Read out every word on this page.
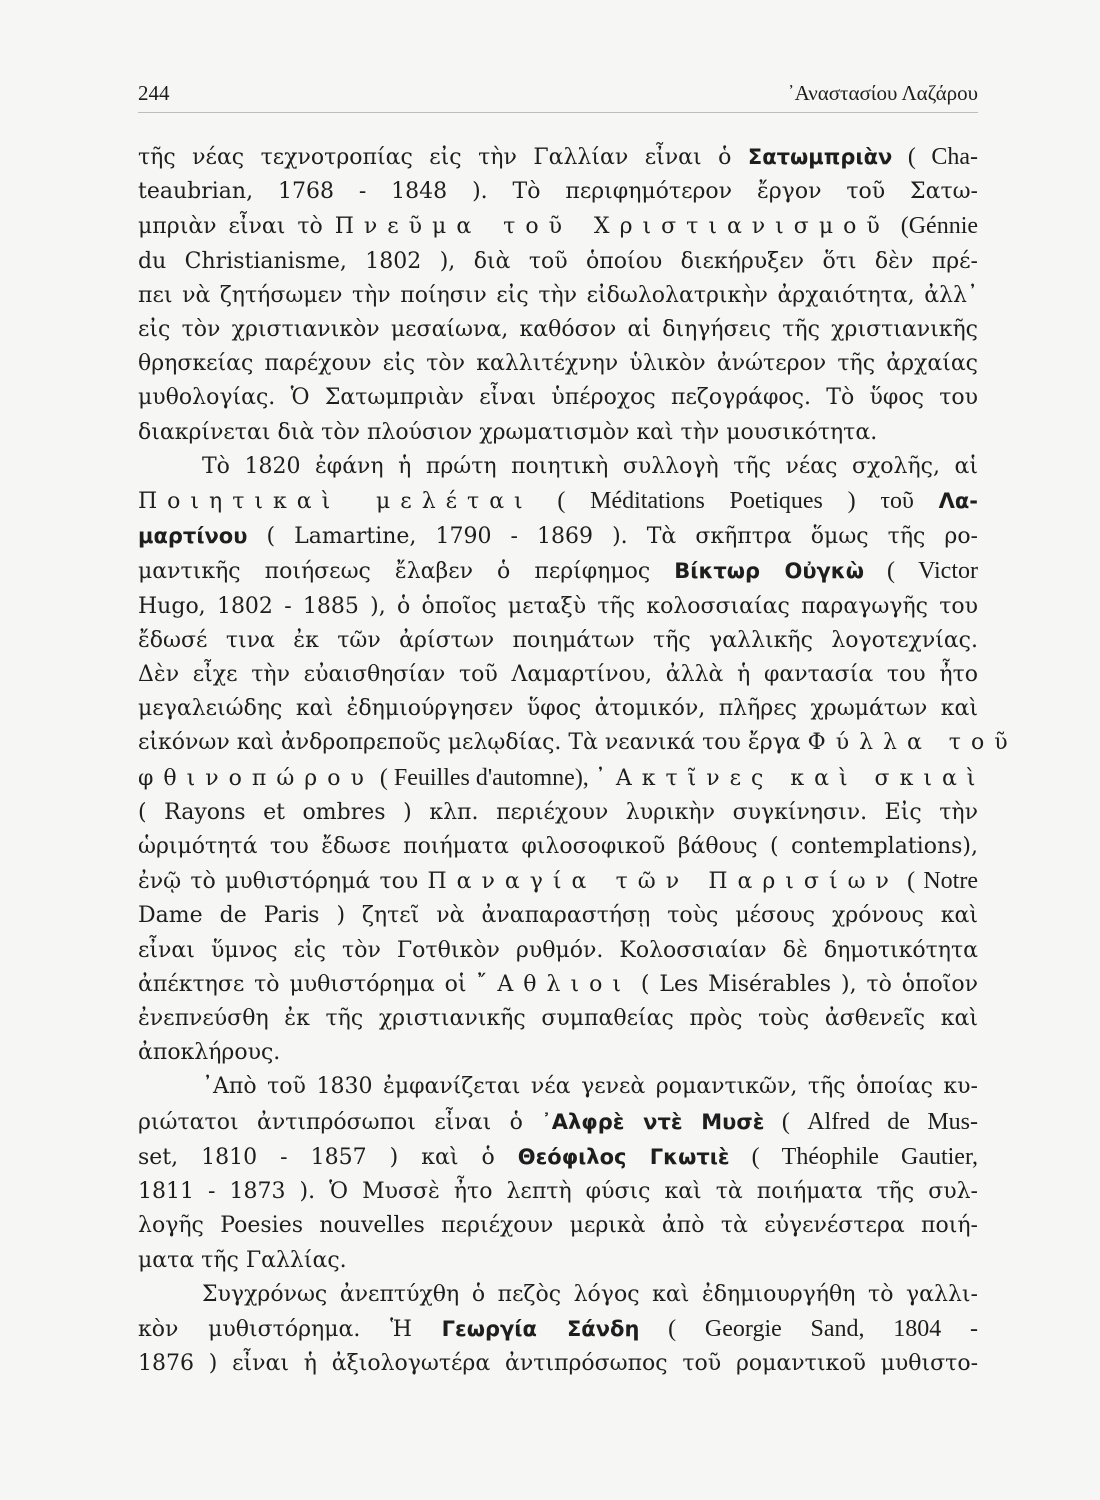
244	᾿Αναστασίου Λαζάρου
τῆς νέας τεχνοτροπίας εἰς τὴν Γαλλίαν εἶναι ὁ Σατωμπριὰν ( Cha-
teaubrian, 1768 - 1848 ). Τὸ περιφημότερον ἔργον τοῦ Σατω-
μπριὰν εἶναι τὸ Πνεῦμα τοῦ Χριστιανισμοῦ (Génnie
du Christianisme, 1802 ), διὰ τοῦ ὁποίου διεκήρυξεν ὅτι δὲν πρέ-
πει νὰ ζητήσωμεν τὴν ποίησιν εἰς τὴν εἰδωλολατρικὴν ἀρχαιότητα, ἀλλ᾿
εἰς τὸν χριστιανικὸν μεσαίωνα, καθόσον αἱ διηγήσεις τῆς χριστιανικῆς
θρησκείας παρέχουν εἰς τὸν καλλιτέχνην ὑλικὸν ἀνώτερον τῆς ἀρχαίας
μυθολογίας. Ὁ Σατωμπριὰν εἶναι ὑπέροχος πεζογράφος. Τὸ ὕφος του
διακρίνεται διὰ τὸν πλούσιον χρωματισμὸν καὶ τὴν μουσικότητα.
Τὸ 1820 ἐφάνη ἡ πρώτη ποιητικὴ συλλογὴ τῆς νέας σχολῆς, αἱ
Ποιητικαὶ μελέται ( Méditations Poetiques ) τοῦ Λα-
μαρτίνου ( Lamartine, 1790 - 1869 ). Τὰ σκῆπτρα ὅμως τῆς ρο-
μαντικῆς ποιήσεως ἔλαβεν ὁ περίφημος Βίκτωρ Οὐγκὼ ( Victor
Hugo, 1802 - 1885 ), ὁ ὁποῖος μεταξὺ τῆς κολοσσιαίας παραγωγῆς του
ἔδωσέ τινα ἐκ τῶν ἀρίστων ποιημάτων τῆς γαλλικῆς λογοτεχνίας.
Δὲν εἶχε τὴν εὐαισθησίαν τοῦ Λαμαρτίνου, ἀλλὰ ἡ φαντασία του ἦτο
μεγαλειώδης καὶ ἐδημιούργησεν ὕφος ἀτομικόν, πλῆρες χρωμάτων καὶ
εἰκόνων καὶ ἀνδροπρεποῦς μελῳδίας. Τὰ νεανικά του ἔργα Φύλλα τοῦ
φθινοπώρου ( Feuilles d'automne), ᾿Ακτῖνες καὶ σκιαὶ
( Rayons et ombres ) κλπ. περιέχουν λυρικὴν συγκίνησιν. Εἰς τὴν
ὡριμότητά του ἔδωσε ποιήματα φιλοσοφικοῦ βάθους ( contemplations),
ἐνῷ τὸ μυθιστόρημά του Παναγία τῶν Παρισίων ( Notre
Dame de Paris ) ζητεῖ νὰ ἀναπαραστήσῃ τοὺς μέσους χρόνους καὶ
εἶναι ὕμνος εἰς τὸν Γοτθικὸν ρυθμόν. Κολοσσιαίαν δὲ δημοτικότητα
ἀπέκτησε τὸ μυθιστόρημα οἱ ῎Αθλιοι ( Les Misérables ), τὸ ὁποῖον
ἐνεπνεύσθη ἐκ τῆς χριστιανικῆς συμπαθείας πρὸς τοὺς ἀσθενεῖς καὶ
ἀποκλήρους.
᾿Απὸ τοῦ 1830 ἐμφανίζεται νέα γενεὰ ρομαντικῶν, τῆς ὁποίας κυ-
ριώτατοι ἀντιπρόσωποι εἶναι ὁ ᾿Αλφρὲ ντὲ Μυσὲ ( Alfred de Mus-
set, 1810 - 1857 ) καὶ ὁ Θεόφιλος Γκωτιὲ ( Théophile Gautier,
1811 - 1873 ). Ὁ Μυσσὲ ἦτο λεπτὴ φύσις καὶ τὰ ποιήματα τῆς συλ-
λογῆς Poesies nouvelles περιέχουν μερικὰ ἀπὸ τὰ εὐγενέστερα ποιή-
ματα τῆς Γαλλίας.
Συγχρόνως ἀνεπτύχθη ὁ πεζὸς λόγος καὶ ἐδημιουργήθη τὸ γαλλι-
κὸν μυθιστόρημα. Ἡ Γεωργία Σάνδη ( Georgie Sand, 1804 -
1876 ) εἶναι ἡ ἀξιολογωτέρα ἀντιπρόσωπος τοῦ ρομαντικοῦ μυθιστο-
